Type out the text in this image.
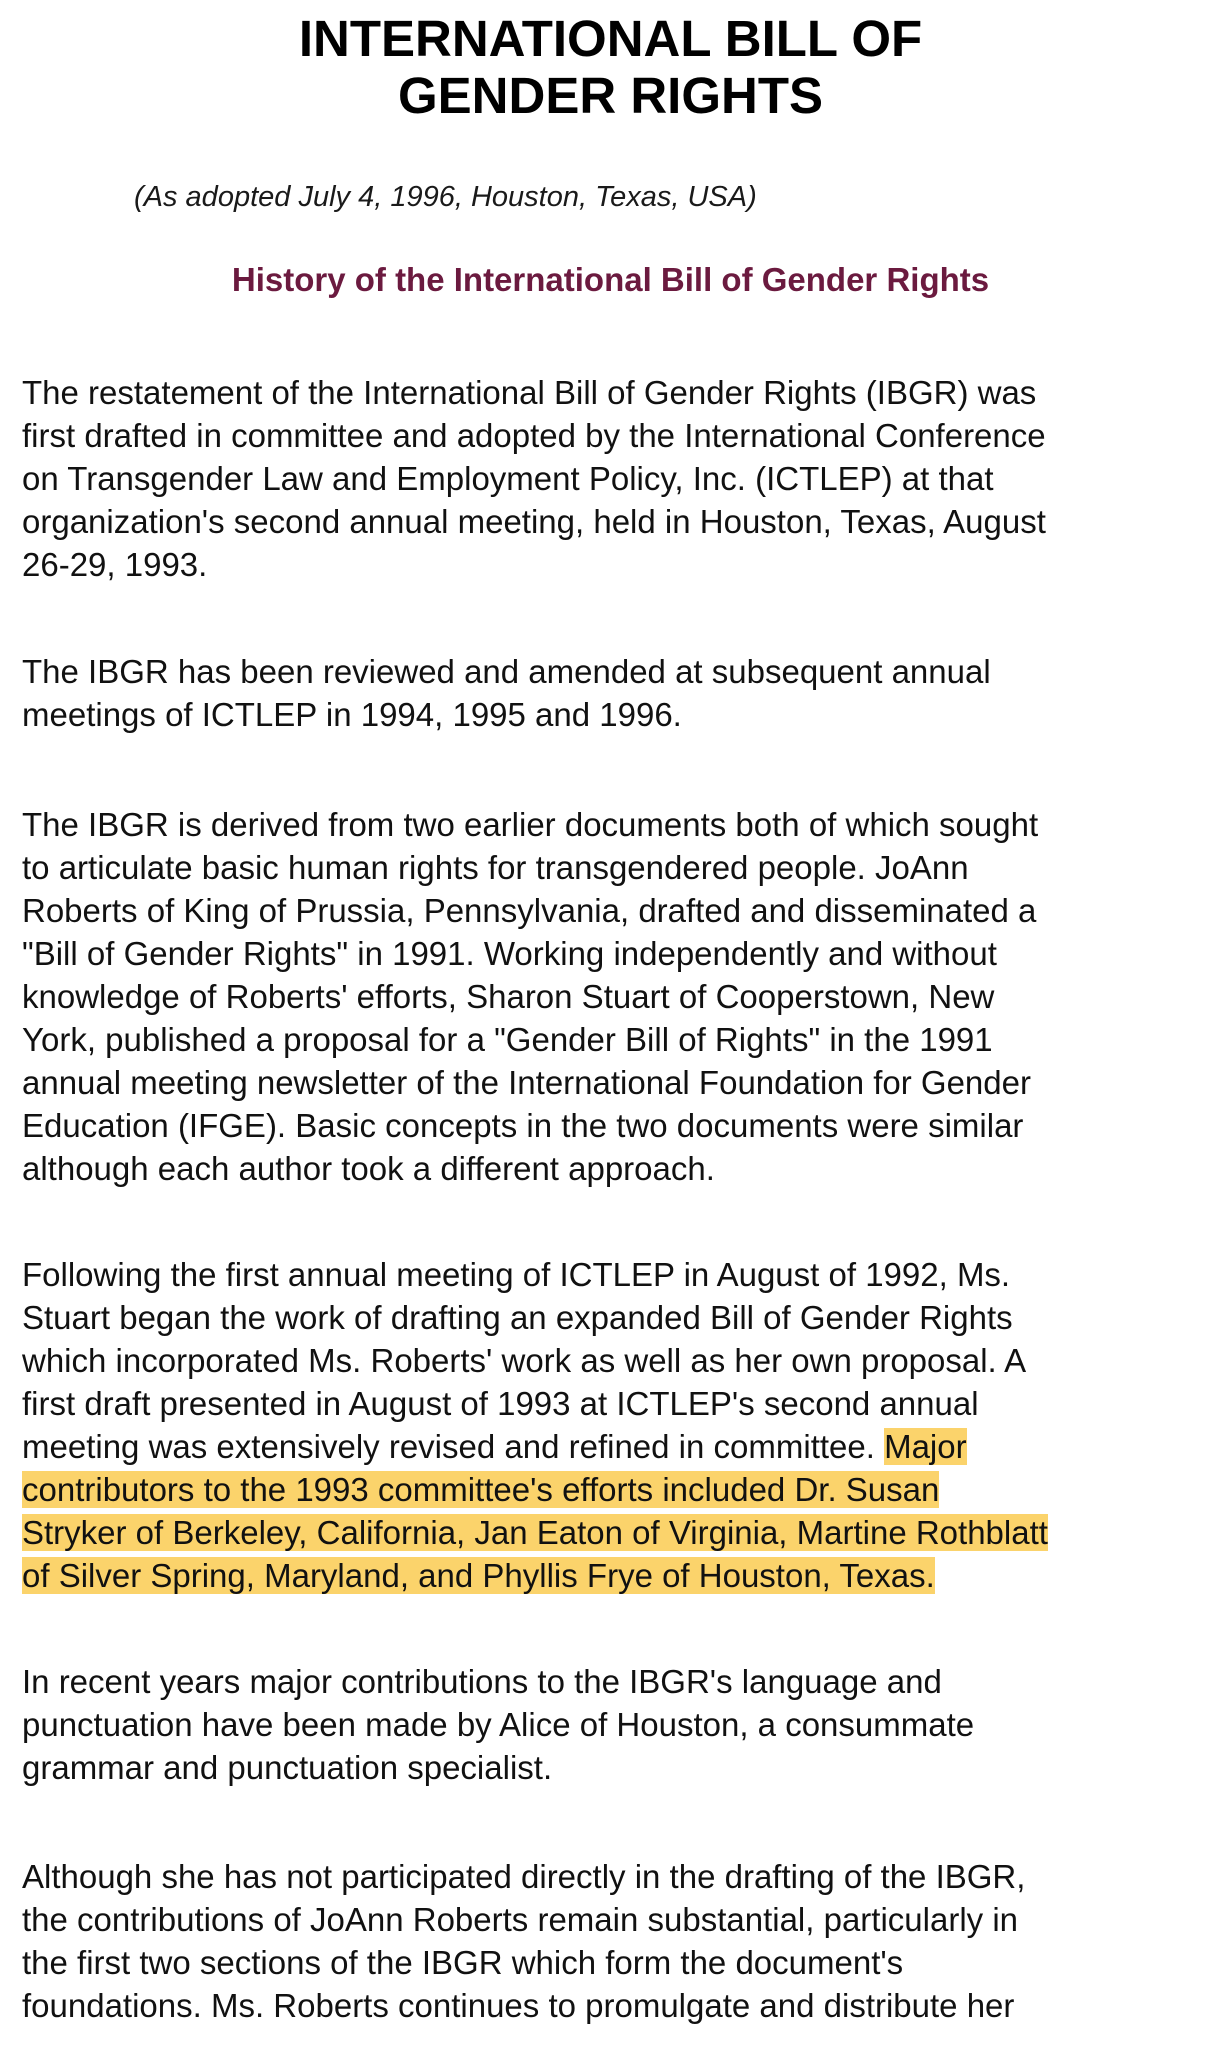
INTERNATIONAL BILL OF
GENDER RIGHTS

(As adopted July 4, 1996, Houston, Texas, USA)

History of the International Bill of Gender Rights

The restatement of the International Bill of Gender Rights (IBGR) was
first drafted in committee and adopted by the International Conference
on Transgender Law and Employment Policy, Inc. (ICTLEP) at that
organization's second annual meeting, held in Houston, Texas, August
26-29, 1993.

The IBGR has been reviewed and amended at subsequent annual
meetings of ICTLEP in 1994, 1995 and 1996.

The IBGR is derived from two earlier documents both of which sought
to articulate basic human rights for transgendered people. JoAnn
Roberts of King of Prussia, Pennsylvania, drafted and disseminated a
"Bill of Gender Rights" in 1991. Working independently and without
knowledge of Roberts' efforts, Sharon Stuart of Cooperstown, New
York, published a proposal for a "Gender Bill of Rights" in the 1991
annual meeting newsletter of the International Foundation for Gender
Education (IFGE). Basic concepts in the two documents were similar
although each author took a different approach.

Following the first annual meeting of ICTLEP in August of 1992, Ms.
Stuart began the work of drafting an expanded Bill of Gender Rights
which incorporated Ms. Roberts' work as well as her own proposal. A
first draft presented in August of 1993 at ICTLEP's second annual
meeting was extensively revised and refined in committee. Major
contributors to the 1993 committee's efforts included Dr. Susan
Stryker of Berkeley, California, Jan Eaton of Virginia, Martine Rothblatt
of Silver Spring, Maryland, and Phyllis Frye of Houston, Texas.

In recent years major contributions to the IBGR's language and
punctuation have been made by Alice of Houston, a consummate
grammar and punctuation specialist.

Although she has not participated directly in the drafting of the IBGR,
the contributions of JoAnn Roberts remain substantial, particularly in
the first two sections of the IBGR which form the document's
foundations. Ms. Roberts continues to promulgate and distribute her
